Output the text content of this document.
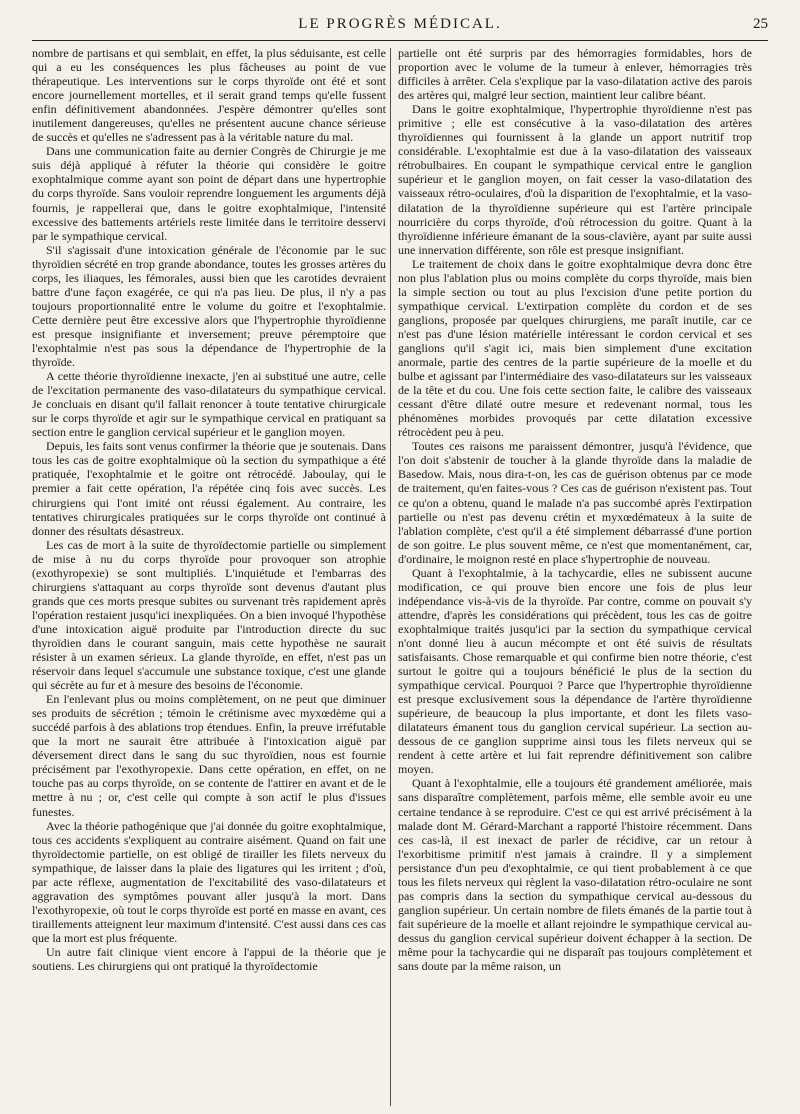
LE PROGRÈS MÉDICAL.	25

nombre de partisans et qui semblait, en effet, la plus séduisante, est celle qui a eu les conséquences les plus fâcheuses au point de vue thérapeutique. Les interventions sur le corps thyroïde ont été et sont encore journellement mortelles, et il serait grand temps qu'elle fussent enfin définitivement abandonnées. J'espère démontrer qu'elles sont inutilement dangereuses, qu'elles ne présentent aucune chance sérieuse de succès et qu'elles ne s'adressent pas à la véritable nature du mal.

Dans une communication faite au dernier Congrès de Chirurgie je me suis déjà appliqué à réfuter la théorie qui considère le goitre exophtalmique comme ayant son point de départ dans une hypertrophie du corps thyroïde. Sans vouloir reprendre longuement les arguments déjà fournis, je rappellerai que, dans le goitre exophtalmique, l'intensité excessive des battements artériels reste limitée dans le territoire desservi par le sympathique cervical.

S'il s'agissait d'une intoxication générale de l'économie par le suc thyroïdien sécrété en trop grande abondance, toutes les grosses artères du corps, les iliaques, les fémorales, aussi bien que les carotides devraient battre d'une façon exagérée, ce qui n'a pas lieu. De plus, il n'y a pas toujours proportionnalité entre le volume du goitre et l'exophtalmie. Cette dernière peut être excessive alors que l'hypertrophie thyroïdienne est presque insignifiante et inversement; preuve péremptoire que l'exophtalmie n'est pas sous la dépendance de l'hypertrophie de la thyroïde.

A cette théorie thyroïdienne inexacte, j'en ai substitué une autre, celle de l'excitation permanente des vaso-dilatateurs du sympathique cervical. Je concluais en disant qu'il fallait renoncer à toute tentative chirurgicale sur le corps thyroïde et agir sur le sympathique cervical en pratiquant sa section entre le ganglion cervical supérieur et le ganglion moyen.

Depuis, les faits sont venus confirmer la théorie que je soutenais. Dans tous les cas de goitre exophtalmique où la section du sympathique a été pratiquée, l'exophtalmie et le goitre ont rétrocédé. Jaboulay, qui le premier a fait cette opération, l'a répétée cinq fois avec succès. Les chirurgiens qui l'ont imité ont réussi également. Au contraire, les tentatives chirurgicales pratiquées sur le corps thyroïde ont continué à donner des résultats désastreux.

Les cas de mort à la suite de thyroïdectomie partielle ou simplement de mise à nu du corps thyroïde pour provoquer son atrophie (exothyropexie) se sont multipliés. L'inquiétude et l'embarras des chirurgiens s'attaquant au corps thyroïde sont devenus d'autant plus grands que ces morts presque subites ou survenant très rapidement après l'opération restaient jusqu'ici inexpliquées. On a bien invoqué l'hypothèse d'une intoxication aiguë produite par l'introduction directe du suc thyroïdien dans le courant sanguin, mais cette hypothèse ne saurait résister à un examen sérieux. La glande thyroïde, en effet, n'est pas un réservoir dans lequel s'accumule une substance toxique, c'est une glande qui sécrète au fur et à mesure des besoins de l'économie.

En l'enlevant plus ou moins complètement, on ne peut que diminuer ses produits de sécrétion ; témoin le crétinisme avec myxœdème qui a succédé parfois à des ablations trop étendues. Enfin, la preuve irréfutable que la mort ne saurait être attribuée à l'intoxication aiguë par déversement direct dans le sang du suc thyroïdien, nous est fournie précisément par l'exothyropexie. Dans cette opération, en effet, on ne touche pas au corps thyroïde, on se contente de l'attirer en avant et de le mettre à nu ; or, c'est celle qui compte à son actif le plus d'issues funestes.

Avec la théorie pathogénique que j'ai donnée du goitre exophtalmique, tous ces accidents s'expliquent au contraire aisément. Quand on fait une thyroïdectomie partielle, on est obligé de tirailler les filets nerveux du sympathique, de laisser dans la plaie des ligatures qui les irritent ; d'où, par acte réflexe, augmentation de l'excitabilité des vaso-dilatateurs et aggravation des symptômes pouvant aller jusqu'à la mort. Dans l'exothyropexie, où tout le corps thyroïde est porté en masse en avant, ces tiraillements atteignent leur maximum d'intensité. C'est aussi dans ces cas que la mort est plus fréquente.

Un autre fait clinique vient encore à l'appui de la théorie que je soutiens. Les chirurgiens qui ont pratiqué la thyroïdectomie

partielle ont été surpris par des hémorragies formidables, hors de proportion avec le volume de la tumeur à enlever, hémorragies très difficiles à arrêter. Cela s'explique par la vaso-dilatation active des parois des artères qui, malgré leur section, maintient leur calibre béant.

Dans le goitre exophtalmique, l'hypertrophie thyroïdienne n'est pas primitive ; elle est consécutive à la vaso-dilatation des artères thyroïdiennes qui fournissent à la glande un apport nutritif trop considérable. L'exophtalmie est due à la vaso-dilatation des vaisseaux rétrobulbaires. En coupant le sympathique cervical entre le ganglion supérieur et le ganglion moyen, on fait cesser la vaso-dilatation des vaisseaux rétro-oculaires, d'où la disparition de l'exophtalmie, et la vaso-dilatation de la thyroïdienne supérieure qui est l'artère principale nourricière du corps thyroïde, d'où rétrocession du goitre. Quant à la thyroïdienne inférieure émanant de la sous-clavière, ayant par suite aussi une innervation différente, son rôle est presque insignifiant.

Le traitement de choix dans le goitre exophtalmique devra donc être non plus l'ablation plus ou moins complète du corps thyroïde, mais bien la simple section ou tout au plus l'excision d'une petite portion du sympathique cervical. L'extirpation complète du cordon et de ses ganglions, proposée par quelques chirurgiens, me paraît inutile, car ce n'est pas d'une lésion matérielle intéressant le cordon cervical et ses ganglions qu'il s'agit ici, mais bien simplement d'une excitation anormale, partie des centres de la partie supérieure de la moelle et du bulbe et agissant par l'intermédiaire des vaso-dilatateurs sur les vaisseaux de la tête et du cou. Une fois cette section faite, le calibre des vaisseaux cessant d'être dilaté outre mesure et redevenant normal, tous les phénomènes morbides provoqués par cette dilatation excessive rétrocèdent peu à peu.

Toutes ces raisons me paraissent démontrer, jusqu'à l'évidence, que l'on doit s'abstenir de toucher à la glande thyroïde dans la maladie de Basedow. Mais, nous dira-t-on, les cas de guérison obtenus par ce mode de traitement, qu'en faites-vous ? Ces cas de guérison n'existent pas. Tout ce qu'on a obtenu, quand le malade n'a pas succombé après l'extirpation partielle ou n'est pas devenu crétin et myxœdémateux à la suite de l'ablation complète, c'est qu'il a été simplement débarrassé d'une portion de son goitre. Le plus souvent même, ce n'est que momentanément, car, d'ordinaire, le moignon resté en place s'hypertrophie de nouveau.

Quant à l'exophtalmie, à la tachycardie, elles ne subissent aucune modification, ce qui prouve bien encore une fois de plus leur indépendance vis-à-vis de la thyroïde. Par contre, comme on pouvait s'y attendre, d'après les considérations qui précèdent, tous les cas de goitre exophtalmique traités jusqu'ici par la section du sympathique cervical n'ont donné lieu à aucun mécompte et ont été suivis de résultats satisfaisants. Chose remarquable et qui confirme bien notre théorie, c'est surtout le goitre qui a toujours bénéficié le plus de la section du sympathique cervical. Pourquoi ? Parce que l'hypertrophie thyroïdienne est presque exclusivement sous la dépendance de l'artère thyroïdienne supérieure, de beaucoup la plus importante, et dont les filets vaso-dilatateurs émanent tous du ganglion cervical supérieur. La section au-dessous de ce ganglion supprime ainsi tous les filets nerveux qui se rendent à cette artère et lui fait reprendre définitivement son calibre moyen.

Quant à l'exophtalmie, elle a toujours été grandement améliorée, mais sans disparaître complètement, parfois même, elle semble avoir eu une certaine tendance à se reproduire. C'est ce qui est arrivé précisément à la malade dont M. Gérard-Marchant a rapporté l'histoire récemment. Dans ces cas-là, il est inexact de parler de récidive, car un retour à l'exorbitisme primitif n'est jamais à craindre. Il y a simplement persistance d'un peu d'exophtalmie, ce qui tient probablement à ce que tous les filets nerveux qui règlent la vaso-dilatation rétro-oculaire ne sont pas compris dans la section du sympathique cervical au-dessous du ganglion supérieur. Un certain nombre de filets émanés de la partie tout à fait supérieure de la moelle et allant rejoindre le sympathique cervical au-dessus du ganglion cervical supérieur doivent échapper à la section. De même pour la tachycardie qui ne disparaît pas toujours complètement et sans doute par la même raison, un
